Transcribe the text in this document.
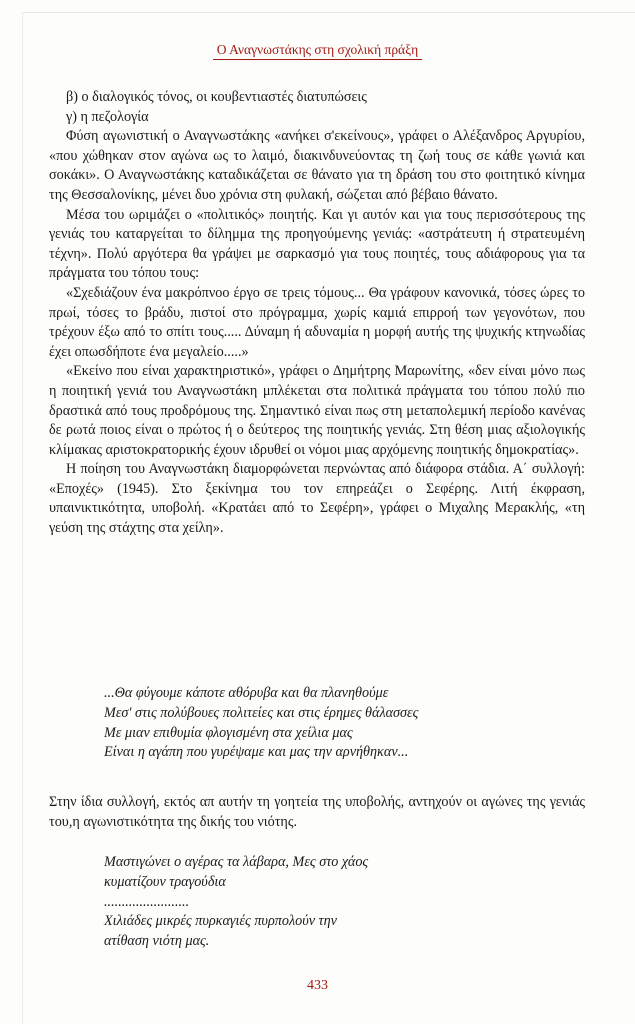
Ο Αναγνωστάκης στη σχολική πράξη

β) ο διαλογικός τόνος, οι κουβεντιαστές διατυπώσεις

γ) η πεζολογία

Φύση αγωνιστική ο Αναγνωστάκης «ανήκει σ'εκείνους», γράφει ο Αλέξανδρος Αργυρίου, «που χώθηκαν στον αγώνα ως το λαιμό, διακινδυνεύοντας τη ζωή τους σε κάθε γωνιά και σοκάκι». Ο Αναγνωστάκης καταδικάζεται σε θάνατο για τη δράση του στο φοιτητικό κίνημα της Θεσσαλονίκης, μένει δυο χρόνια στη φυλακή, σώζεται από βέβαιο θάνατο.

Μέσα του ωριμάζει ο «πολιτικός» ποιητής. Και γι αυτόν και για τους περισσότερους της γενιάς του καταργείται το δίλημμα της προηγούμενης γενιάς: «αστράτευτη ή στρατευμένη τέχνη». Πολύ αργότερα θα γράψει με σαρκασμό για τους ποιητές, τους αδιάφορους για τα πράγματα του τόπου τους:

«Σχεδιάζουν ένα μακρόπνοο έργο σε τρεις τόμους... Θα γράφουν κανονικά, τόσες ώρες το πρωί, τόσες το βράδυ, πιστοί στο πρόγραμμα, χωρίς καμιά επιρροή των γεγονότων, που τρέχουν έξω από το σπίτι τους..... Δύναμη ή αδυναμία η μορφή αυτής της ψυχικής κτηνωδίας έχει οπωσδήποτε ένα μεγαλείο.....»

«Εκείνο που είναι χαρακτηριστικό», γράφει ο Δημήτρης Μαρωνίτης, «δεν είναι μόνο πως η ποιητική γενιά του Αναγνωστάκη μπλέκεται στα πολιτικά πράγματα του τόπου πολύ πιο δραστικά από τους προδρόμους της. Σημαντικό είναι πως στη μεταπολεμική περίοδο κανένας δε ρωτά ποιος είναι ο πρώτος ή ο δεύτερος της ποιητικής γενιάς. Στη θέση μιας αξιολογικής κλίμακας αριστοκρατορικής έχουν ιδρυθεί οι νόμοι μιας αρχόμενης ποιητικής δημοκρατίας».

Η ποίηση του Αναγνωστάκη διαμορφώνεται περνώντας από διάφορα στάδια. Α΄ συλλογή: «Εποχές» (1945). Στο ξεκίνημα του τον επηρεάζει ο Σεφέρης. Λιτή έκφραση, υπαινικτικότητα, υποβολή. «Κρατάει από το Σεφέρη», γράφει ο Μιχαλης Μερακλής, «τη γεύση της στάχτης στα χείλη».

...Θα φύγουμε κάποτε αθόρυβα και θα πλανηθούμε
Μεσ' στις πολύβουες πολιτείες και στις έρημες θάλασσες
Με μιαν επιθυμία φλογισμένη στα χείλια μας
Είναι η αγάπη που γυρέψαμε και μας την αρνήθηκαν...

Στην ίδια συλλογή, εκτός απ αυτήν τη γοητεία της υποβολής, αντηχούν οι αγώνες της γενιάς του,η αγωνιστικότητα της δικής του νιότης.

Μαστιγώνει ο αγέρας τα λάβαρα, Μες στο χάος
κυματίζουν τραγούδια
........................
Χιλιάδες μικρές πυρκαγιές πυρπολούν την
ατίθαση νιότη μας.
433
